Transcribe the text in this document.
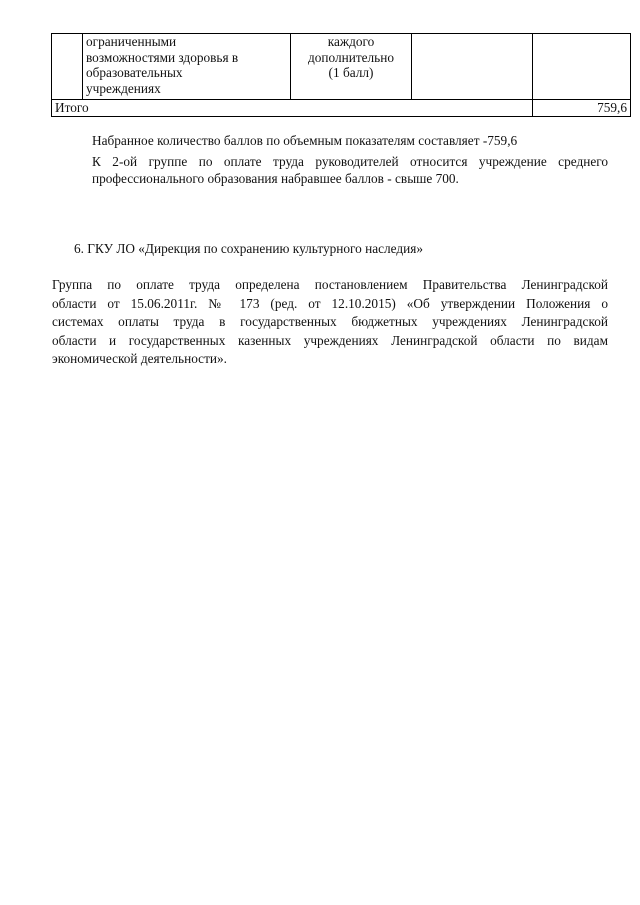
	ограниченными
возможностями здоровья в
образовательных
учреждениях	каждого
дополнительно
(1 балл)		

Итого				759,6

Набранное количество баллов по объемным показателям составляет -759,6

К 2-ой группе по оплате труда руководителей относится учреждение среднего
профессионального образования набравшее баллов - свыше 700.

6. ГКУ ЛО «Дирекция по сохранению культурного наследия»

Группа по оплате труда определена постановлением Правительства Ленинградской
области от 15.06.2011г. № 173 (ред. от 12.10.2015) «Об утверждении Положения о
системах оплаты труда в государственных бюджетных учреждениях Ленинградской
области и государственных казенных учреждениях Ленинградской области по видам
экономической деятельности».
